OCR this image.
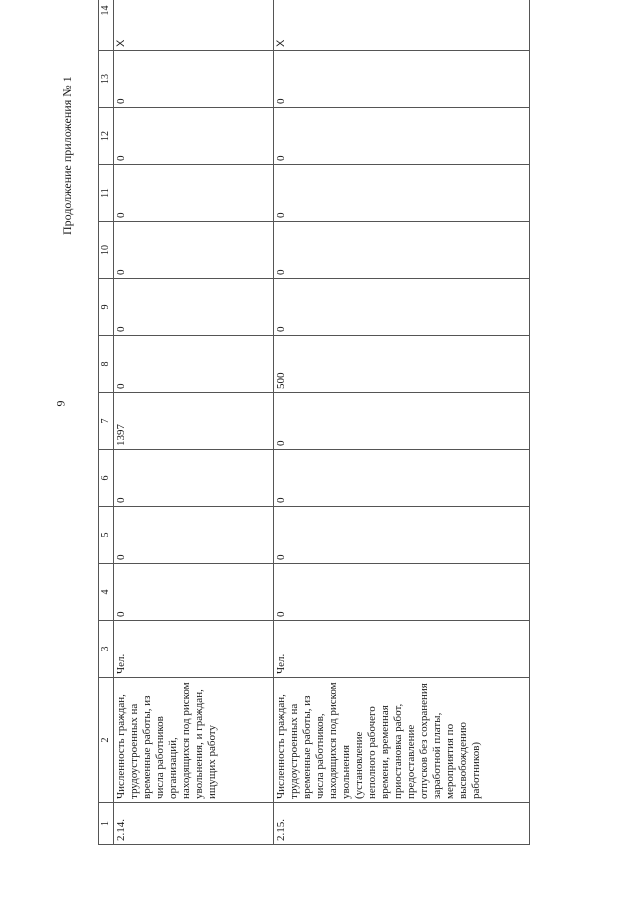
Продолжение приложения № 1
9
1	2	3	4	5	6	7	8	9	10	11	12	13	14
2.14.	Численность граждан, трудоустроенных на временные работы, из числа работников организаций, находящихся под риском увольнения, и граждан, ищущих работу	Чел.	0	0	0	1397	0	0	0	0	0	0	X
2.15.	Численность граждан, трудоустроенных на временные работы, из числа работников, находящихся под риском увольнения (установление неполного рабочего времени, временная приостановка работ, предоставление отпусков без сохранения заработной платы, мероприятия по высвобождению работников)	Чел.	0	0	0	0	500	0	0	0	0	0	X
